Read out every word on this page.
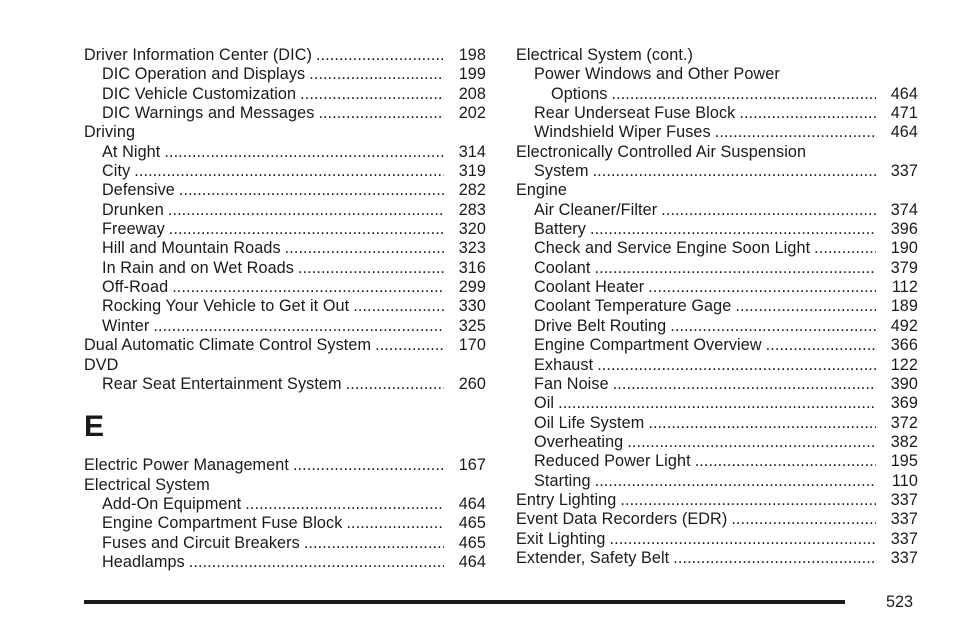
Driver Information Center (DIC) . . .	198
DIC Operation and Displays . . .	199
DIC Vehicle Customization . . .	208
DIC Warnings and Messages . . .	202
Driving
At Night . . .	314
City . . .	319
Defensive . . .	282
Drunken . . .	283
Freeway . . .	320
Hill and Mountain Roads . . .	323
In Rain and on Wet Roads . . .	316
Off-Road . . .	299
Rocking Your Vehicle to Get it Out . . .	330
Winter . . .	325
Dual Automatic Climate Control System . . .	170
DVD
Rear Seat Entertainment System . . .	260
E
Electric Power Management . . .	167
Electrical System
Add-On Equipment . . .	464
Engine Compartment Fuse Block . . .	465
Fuses and Circuit Breakers . . .	465
Headlamps . . .	464
Electrical System (cont.)
Power Windows and Other Power
Options . . .	464
Rear Underseat Fuse Block . . .	471
Windshield Wiper Fuses . . .	464
Electronically Controlled Air Suspension
System . . .	337
Engine
Air Cleaner/Filter . . .	374
Battery . . .	396
Check and Service Engine Soon Light . . .	190
Coolant . . .	379
Coolant Heater . . .	112
Coolant Temperature Gage . . .	189
Drive Belt Routing . . .	492
Engine Compartment Overview . . .	366
Exhaust . . .	122
Fan Noise . . .	390
Oil . . .	369
Oil Life System . . .	372
Overheating . . .	382
Reduced Power Light . . .	195
Starting . . .	110
Entry Lighting . . .	337
Event Data Recorders (EDR) . . .	337
Exit Lighting . . .	337
Extender, Safety Belt . . .	337
523
